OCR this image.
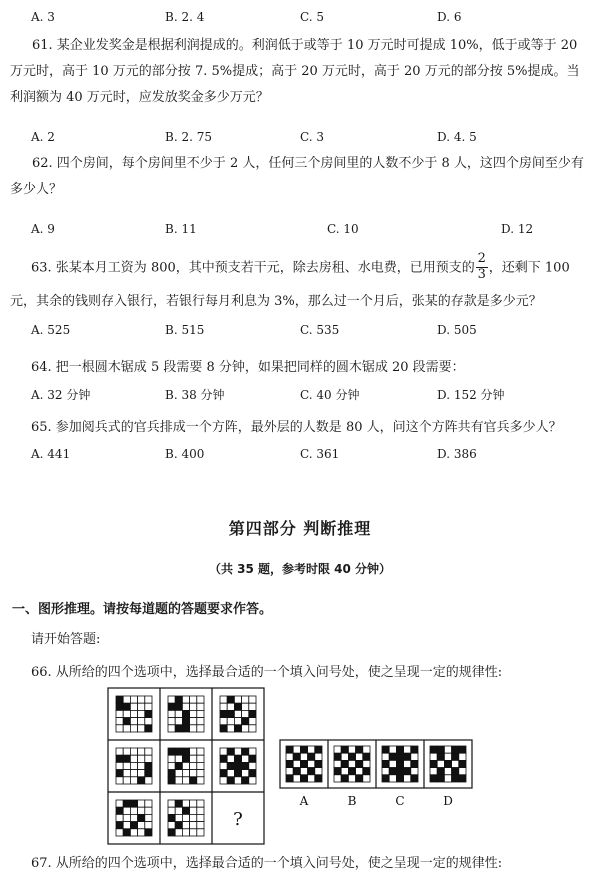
A. 3	B. 2. 4	C. 5	D. 6

61. 某企业发奖金是根据利润提成的。利润低于或等于 10 万元时可提成 10%，低于或等于 20 万元时，高于 10 万元的部分按 7. 5%提成；高于 20 万元时，高于 20 万元的部分按 5%提成。当利润额为 40 万元时，应发放奖金多少万元？

A. 2	B. 2. 75	C. 3	D. 4. 5

62. 四个房间，每个房间里不少于 2 人，任何三个房间里的人数不少于 8 人，这四个房间至少有多少人？

A. 9	B. 11	C. 10	D. 12
63. 张某本月工资为 800，其中预支若干元，除去房租、水电费，已用预支的 $\frac{2}{3}$ ，还剩下 100
元，其余的钱则存入银行，若银行每月利息为 3%，那么过一个月后，张某的存款是多少元？
A. 525	B. 515	C. 535	D. 505
64. 把一根圆木锯成 5 段需要 8 分钟，如果把同样的圆木锯成 20 段需要：
A. 32 分钟	B. 38 分钟	C. 40 分钟	D. 152 分钟
65. 参加阅兵式的官兵排成一个方阵，最外层的人数是 80 人，问这个方阵共有官兵多少人？
A. 441	B. 400	C. 361	D. 386
第四部分 判断推理
（共 35 题，参考时限 40 分钟）
一、图形推理。请按每道题的答题要求作答。
请开始答题:
66. 从所给的四个选项中，选择最合适的一个填入问号处，使之呈现一定的规律性:
?
A	B	C	D
67. 从所给的四个选项中，选择最合适的一个填入问号处，使之呈现一定的规律性:
